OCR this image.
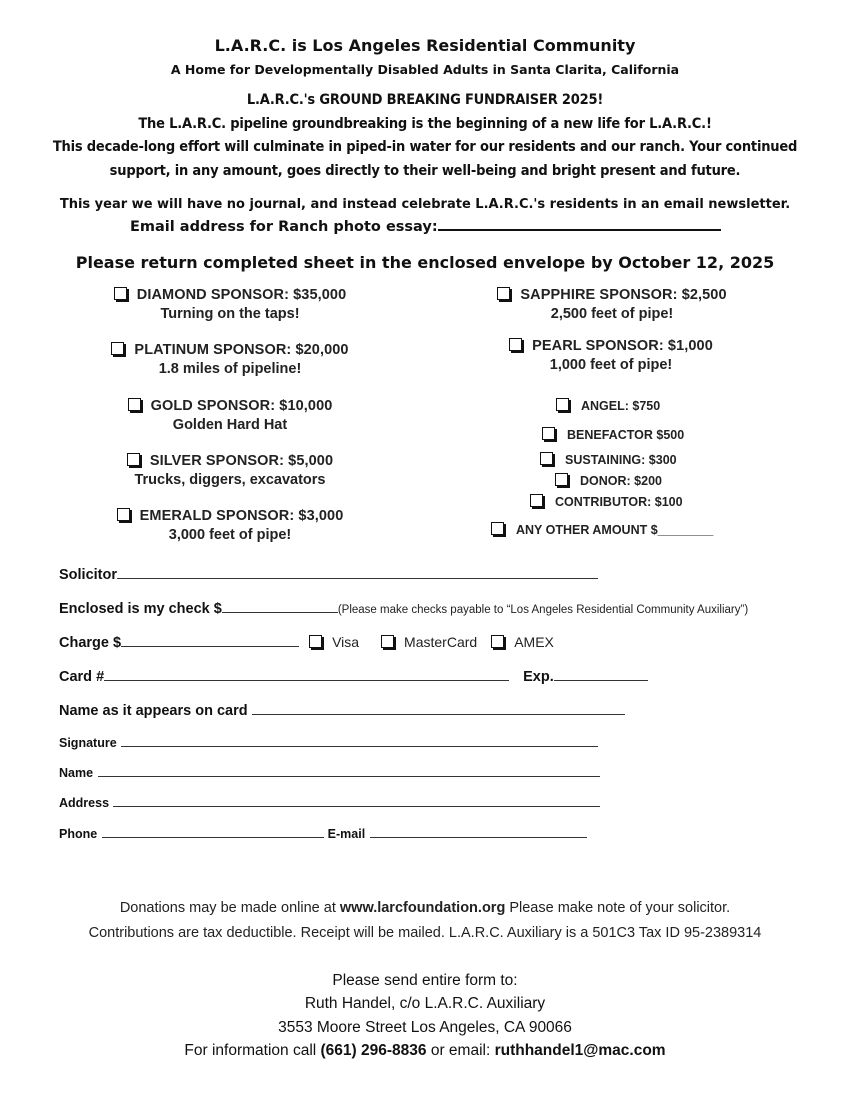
L.A.R.C. is Los Angeles Residential Community
A Home for Developmentally Disabled Adults in Santa Clarita, California
L.A.R.C.'s GROUND BREAKING FUNDRAISER 2025!
The L.A.R.C. pipeline groundbreaking is the beginning of a new life for L.A.R.C.!
This decade-long effort will culminate in piped-in water for our residents and our ranch. Your continued
support, in any amount, goes directly to their well-being and bright present and future.
This year we will have no journal, and instead celebrate L.A.R.C.'s residents in an email newsletter.
Email address for Ranch photo essay:
Please return completed sheet in the enclosed envelope by October 12, 2025
DIAMOND SPONSOR: $35,000
Turning on the taps!
PLATINUM SPONSOR: $20,000
1.8 miles of pipeline!
GOLD SPONSOR: $10,000
Golden Hard Hat
SILVER SPONSOR: $5,000
Trucks, diggers, excavators
EMERALD SPONSOR: $3,000
3,000 feet of pipe!
SAPPHIRE SPONSOR: $2,500
2,500 feet of pipe!
PEARL SPONSOR: $1,000
1,000 feet of pipe!
ANGEL: $750
BENEFACTOR $500
SUSTAINING: $300
DONOR: $200
CONTRIBUTOR: $100
ANY OTHER AMOUNT $________
Solicitor
Enclosed is my check $	(Please make checks payable to “Los Angeles Residential Community Auxiliary”)
Charge $	Visa	MasterCard	AMEX
Card #	Exp.
Name as it appears on card
Signature
Name
Address
Phone	E-mail
Donations may be made online at www.larcfoundation.org Please make note of your solicitor.
Contributions are tax deductible. Receipt will be mailed. L.A.R.C. Auxiliary is a 501C3 Tax ID 95-2389314
Please send entire form to:
Ruth Handel, c/o L.A.R.C. Auxiliary
3553 Moore Street Los Angeles, CA 90066
For information call (661) 296-8836 or email: ruthhandel1@mac.com
